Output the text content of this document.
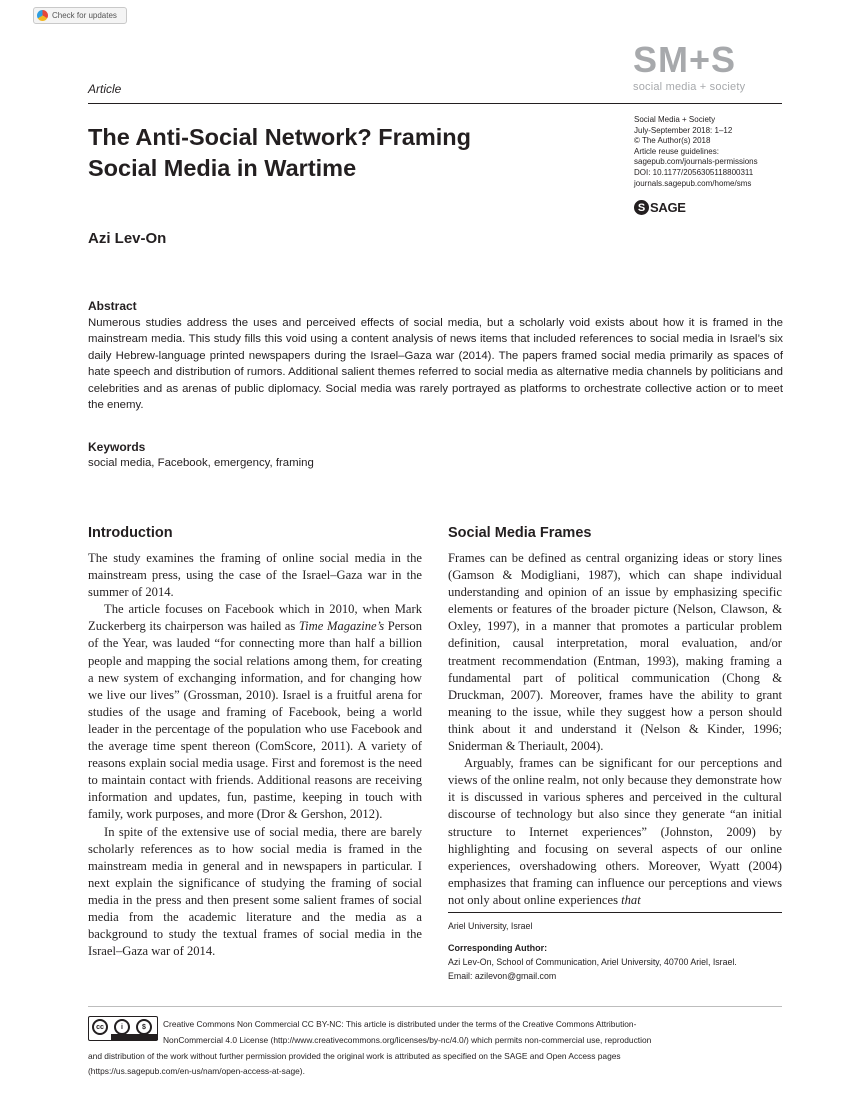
Check for updates
Article
SM+S
social media + society
The Anti-Social Network? Framing
Social Media in Wartime
Social Media + Society
July-September 2018: 1–12
© The Author(s) 2018
Article reuse guidelines:
sagepub.com/journals-permissions
DOI: 10.1177/2056305118800311
journals.sagepub.com/home/sms
S SAGE
Azi Lev-On
Abstract
Numerous studies address the uses and perceived effects of social media, but a scholarly void exists about how it is framed in the mainstream media. This study fills this void using a content analysis of news items that included references to social media in Israel’s six daily Hebrew-language printed newspapers during the Israel–Gaza war (2014). The papers framed social media primarily as spaces of hate speech and distribution of rumors. Additional salient themes referred to social media as alternative media channels by politicians and celebrities and as arenas of public diplomacy. Social media was rarely portrayed as platforms to orchestrate collective action or to meet the enemy.
Keywords
social media, Facebook, emergency, framing
Introduction

The study examines the framing of online social media in the mainstream press, using the case of the Israel–Gaza war in the summer of 2014.

The article focuses on Facebook which in 2010, when Mark Zuckerberg its chairperson was hailed as Time Magazine’s Person of the Year, was lauded “for connecting more than half a billion people and mapping the social relations among them, for creating a new system of exchanging information, and for changing how we live our lives” (Grossman, 2010). Israel is a fruitful arena for studies of the usage and framing of Facebook, being a world leader in the percentage of the population who use Facebook and the average time spent thereon (ComScore, 2011). A variety of reasons explain social media usage. First and foremost is the need to maintain contact with friends. Additional reasons are receiving information and updates, fun, pastime, keeping in touch with family, work purposes, and more (Dror & Gershon, 2012).

In spite of the extensive use of social media, there are barely scholarly references as to how social media is framed in the mainstream media in general and in newspapers in particular. I next explain the significance of studying the framing of social media in the press and then present some salient frames of social media from the academic literature and the media as a background to study the textual frames of social media in the Israel–Gaza war of 2014.

Social Media Frames

Frames can be defined as central organizing ideas or story lines (Gamson & Modigliani, 1987), which can shape individual understanding and opinion of an issue by emphasizing specific elements or features of the broader picture (Nelson, Clawson, & Oxley, 1997), in a manner that promotes a particular problem definition, causal interpretation, moral evaluation, and/or treatment recommendation (Entman, 1993), making framing a fundamental part of political communication (Chong & Druckman, 2007). Moreover, frames have the ability to grant meaning to the issue, while they suggest how a person should think about it and understand it (Nelson & Kinder, 1996; Sniderman & Theriault, 2004).

Arguably, frames can be significant for our perceptions and views of the online realm, not only because they demonstrate how it is discussed in various spheres and perceived in the cultural discourse of technology but also since they generate “an initial structure to Internet experiences” (Johnston, 2009) by highlighting and focusing on several aspects of our online experiences, overshadowing others. Moreover, Wyatt (2004) emphasizes that framing can influence our perceptions and views not only about online experiences that

Ariel University, Israel
Corresponding Author:
Azi Lev-On, School of Communication, Ariel University, 40700 Ariel, Israel.
Email: azilevon@gmail.com
cc	i	$	Creative Commons Non Commercial CC BY-NC: This article is distributed under the terms of the Creative Commons Attribution-
NonCommercial 4.0 License (http://www.creativecommons.org/licenses/by-nc/4.0/) which permits non-commercial use, reproduction
and distribution of the work without further permission provided the original work is attributed as specified on the SAGE and Open Access pages
(https://us.sagepub.com/en-us/nam/open-access-at-sage).
